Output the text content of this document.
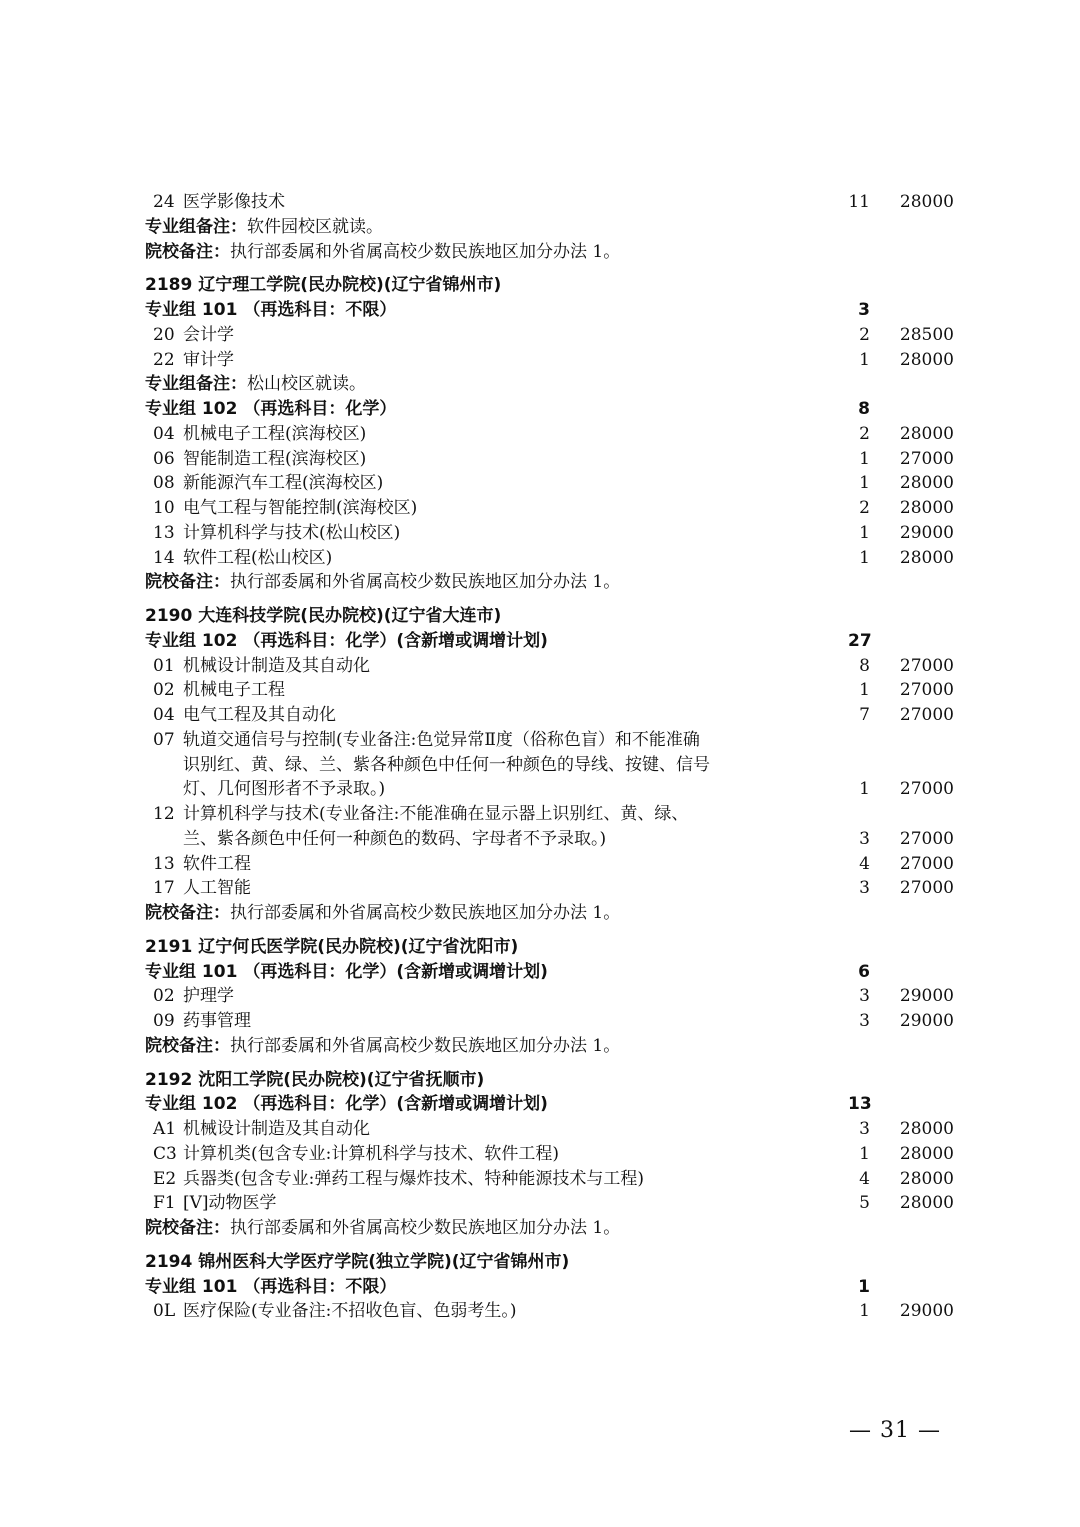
24 医学影像技术	11 28000
专业组备注：软件园校区就读。
院校备注：执行部委属和外省属高校少数民族地区加分办法 1。
2189 辽宁理工学院(民办院校)(辽宁省锦州市)
专业组 101 （再选科目：不限）	3
20 会计学	2 28500
22 审计学	1 28000
专业组备注：松山校区就读。
专业组 102 （再选科目：化学）	8
04 机械电子工程(滨海校区)	2 28000
06 智能制造工程(滨海校区)	1 27000
08 新能源汽车工程(滨海校区)	1 28000
10 电气工程与智能控制(滨海校区)	2 28000
13 计算机科学与技术(松山校区)	1 29000
14 软件工程(松山校区)	1 28000
院校备注：执行部委属和外省属高校少数民族地区加分办法 1。
2190 大连科技学院(民办院校)(辽宁省大连市)
专业组 102 （再选科目：化学）(含新增或调增计划)	27
01 机械设计制造及其自动化	8 27000
02 机械电子工程	1 27000
04 电气工程及其自动化	7 27000
07 轨道交通信号与控制(专业备注:色觉异常Ⅱ度（俗称色盲）和不能准确
识别红、黄、绿、兰、紫各种颜色中任何一种颜色的导线、按键、信号
灯、几何图形者不予录取。)	1 27000
12 计算机科学与技术(专业备注:不能准确在显示器上识别红、黄、绿、
兰、紫各颜色中任何一种颜色的数码、字母者不予录取。)	3 27000
13 软件工程	4 27000
17 人工智能	3 27000
院校备注：执行部委属和外省属高校少数民族地区加分办法 1。
2191 辽宁何氏医学院(民办院校)(辽宁省沈阳市)
专业组 101 （再选科目：化学）(含新增或调增计划)	6
02 护理学	3 29000
09 药事管理	3 29000
院校备注：执行部委属和外省属高校少数民族地区加分办法 1。
2192 沈阳工学院(民办院校)(辽宁省抚顺市)
专业组 102 （再选科目：化学）(含新增或调增计划)	13
A1 机械设计制造及其自动化	3 28000
C3 计算机类(包含专业:计算机科学与技术、软件工程)	1 28000
E2 兵器类(包含专业:弹药工程与爆炸技术、特种能源技术与工程)	4 28000
F1 [V]动物医学	5 28000
院校备注：执行部委属和外省属高校少数民族地区加分办法 1。
2194 锦州医科大学医疗学院(独立学院)(辽宁省锦州市)
专业组 101 （再选科目：不限）	1
0L 医疗保险(专业备注:不招收色盲、色弱考生。)	1 29000
— 31 —
